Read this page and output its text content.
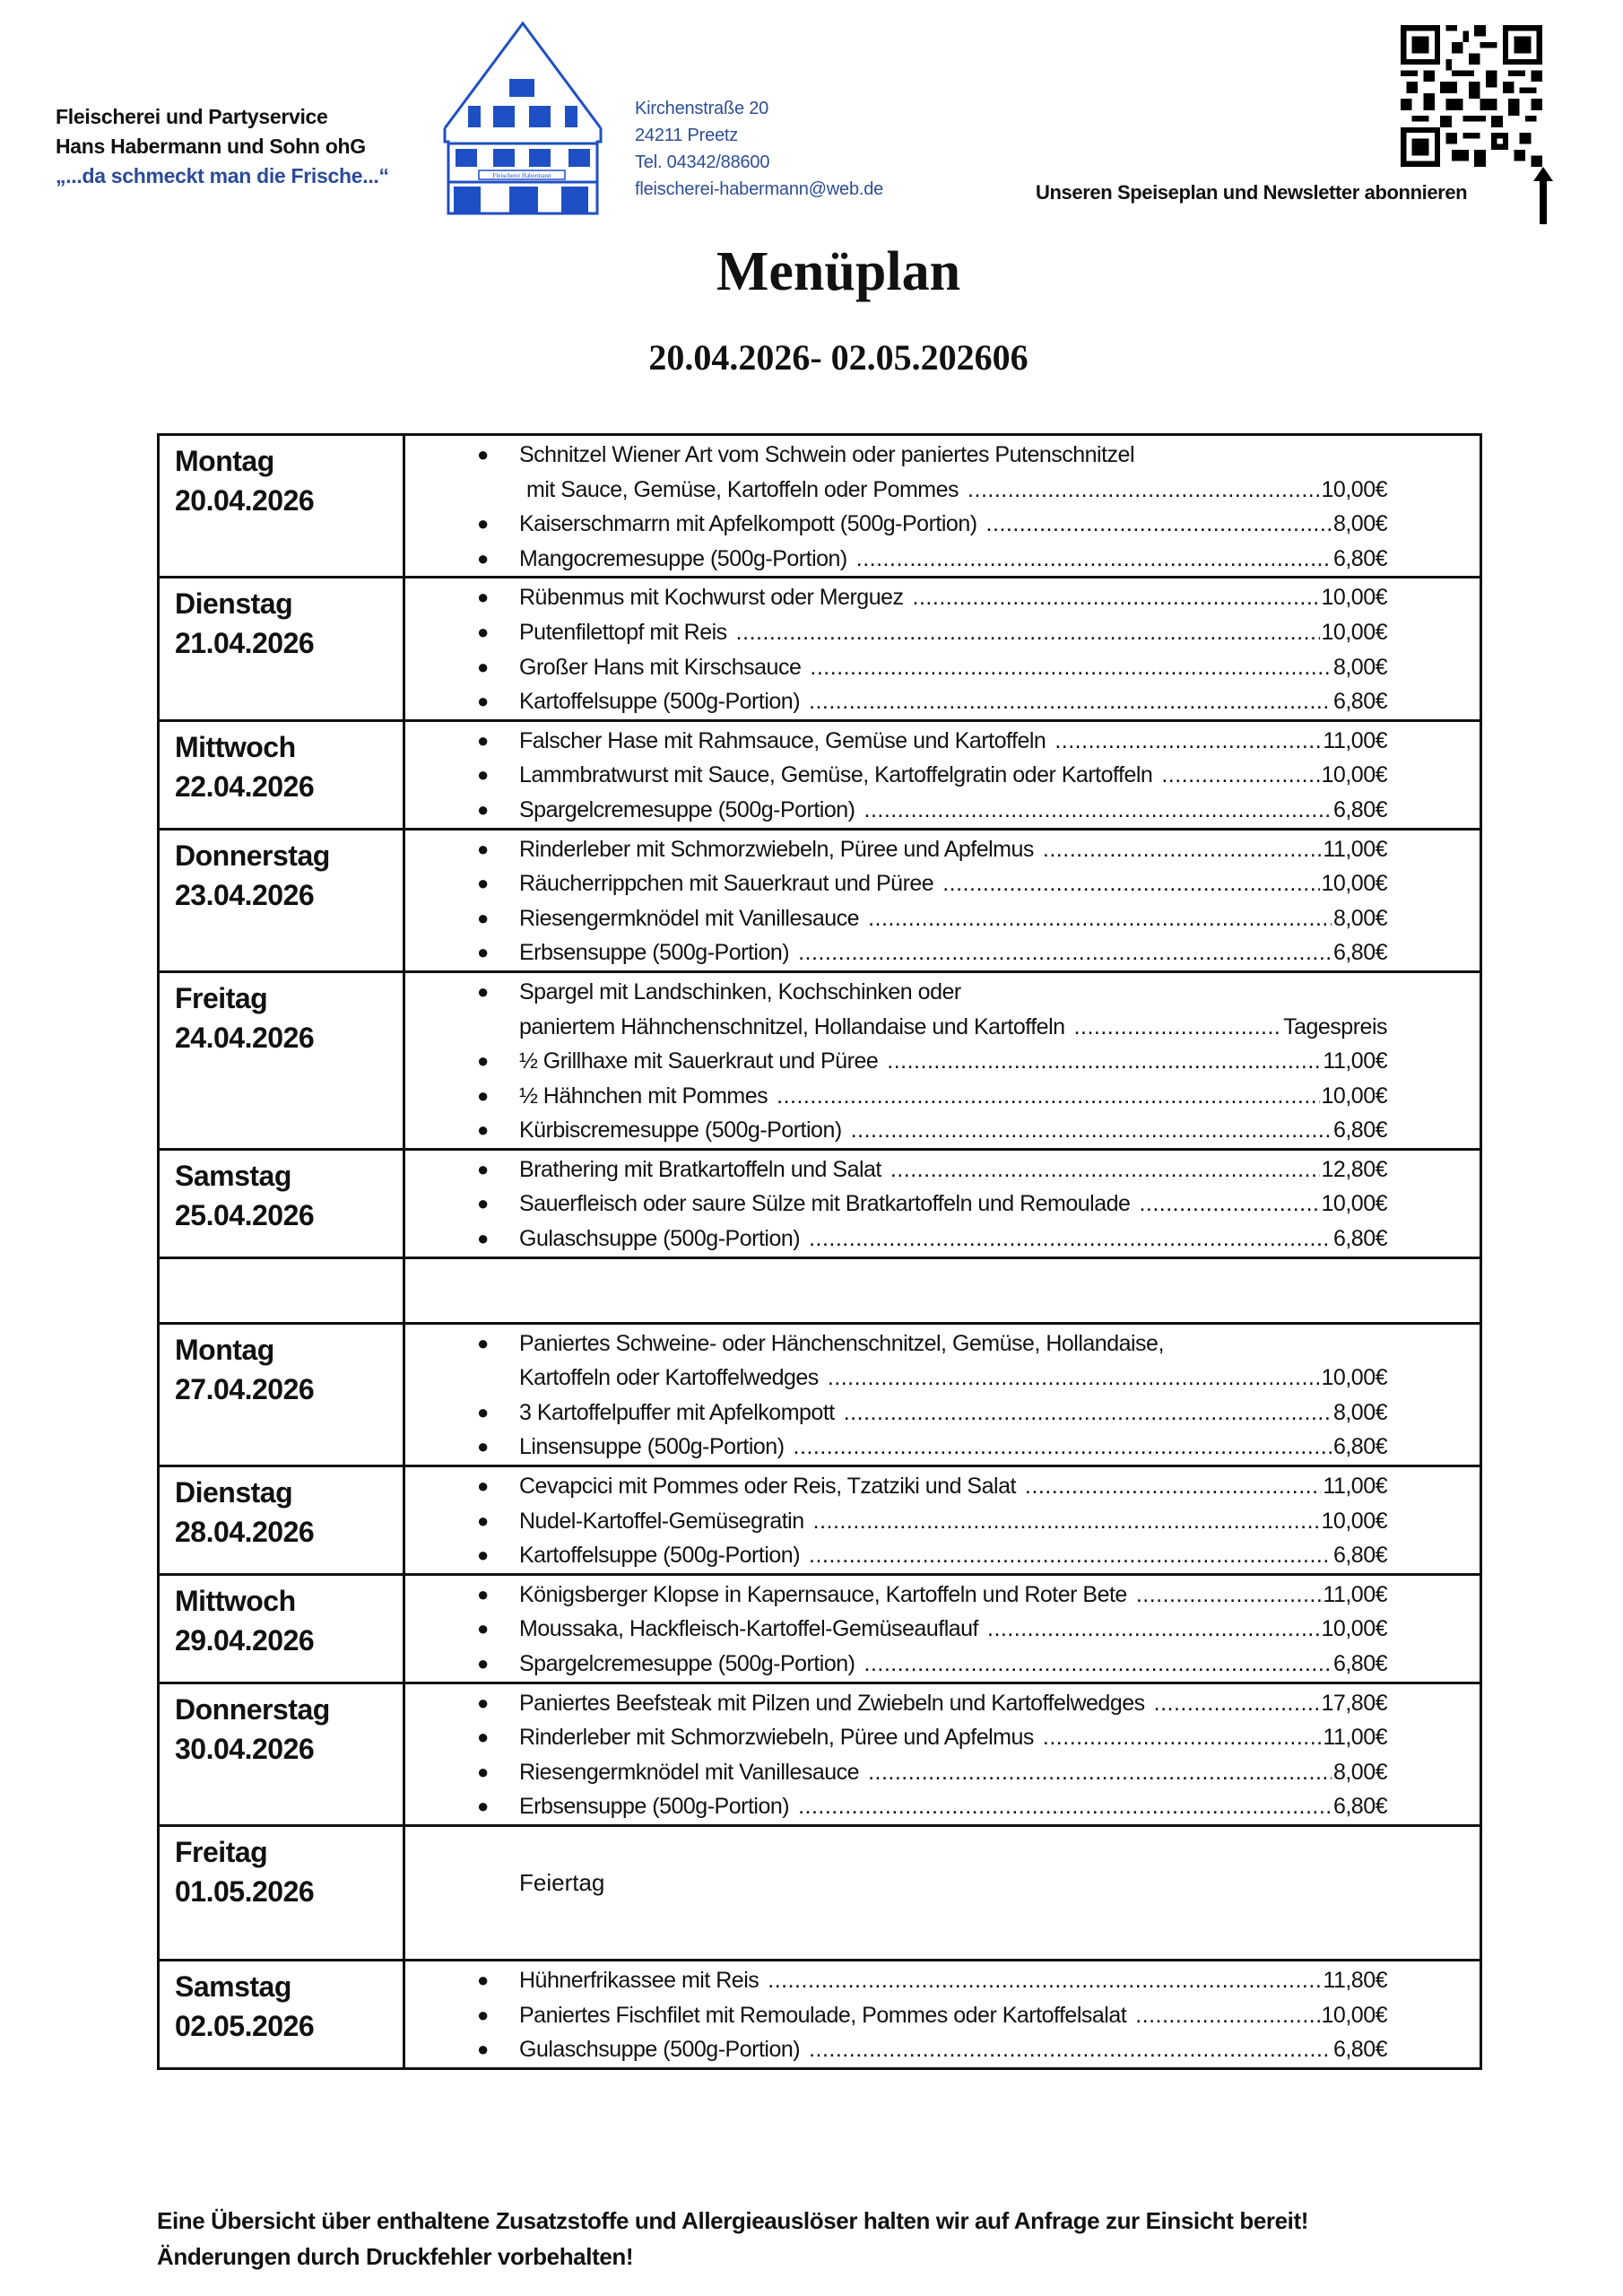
Fleischerei und Partyservice
Hans Habermann und Sohn ohG
„...da schmeckt man die Frische...“	Fleischerei Habermann
Kirchenstraße 20
24211 Preetz
Tel. 04342/88600
fleischerei-habermann@web.de	Unseren Speiseplan und Newsletter abonnieren
Menüplan
20.04.2026- 02.05.202606
Montag
20.04.2026

●	Schnitzel Wiener Art vom Schwein oder paniertes Putenschnitzel
mit Sauce, Gemüse, Kartoffeln oder Pommes .....	10,00€
● Kaiserschmarrn mit Apfelkompott (500g-Portion) .....	8,00€
● Mangocremesuppe (500g-Portion) .....	6,80€

Dienstag
21.04.2026

● Rübenmus mit Kochwurst oder Merguez .....	10,00€
● Putenfilettopf mit Reis .....	10,00€
● Großer Hans mit Kirschsauce .....	8,00€
● Kartoffelsuppe (500g-Portion) .....	6,80€

Mittwoch
22.04.2026

● Falscher Hase mit Rahmsauce, Gemüse und Kartoffeln .....	11,00€
● Lammbratwurst mit Sauce, Gemüse, Kartoffelgratin oder Kartoffeln .....	10,00€
● Spargelcremesuppe (500g-Portion) .....	6,80€

Donnerstag
23.04.2026

● Rinderleber mit Schmorzwiebeln, Püree und Apfelmus .....	11,00€
● Räucherrippchen mit Sauerkraut und Püree .....	10,00€
● Riesengermknödel mit Vanillesauce .....	8,00€
● Erbsensuppe (500g-Portion) .....	6,80€

Freitag
24.04.2026

●	Spargel mit Landschinken, Kochschinken oder
paniertem Hähnchenschnitzel, Hollandaise und Kartoffeln .....	Tagespreis
● ½ Grillhaxe mit Sauerkraut und Püree .....	11,00€
● ½ Hähnchen mit Pommes .....	10,00€
● Kürbiscremesuppe (500g-Portion) .....	6,80€

Samstag
25.04.2026

● Brathering mit Bratkartoffeln und Salat .....	12,80€
● Sauerfleisch oder saure Sülze mit Bratkartoffeln und Remoulade .....	10,00€
● Gulaschsuppe (500g-Portion) .....	6,80€

Montag
27.04.2026

●	Paniertes Schweine- oder Hänchenschnitzel, Gemüse, Hollandaise,
Kartoffeln oder Kartoffelwedges .....	10,00€
● 3 Kartoffelpuffer mit Apfelkompott .....	8,00€
● Linsensuppe (500g-Portion) .....	6,80€

Dienstag
28.04.2026

● Cevapcici mit Pommes oder Reis, Tzatziki und Salat .....	11,00€
● Nudel-Kartoffel-Gemüsegratin .....	10,00€
● Kartoffelsuppe (500g-Portion) .....	6,80€

Mittwoch
29.04.2026

● Königsberger Klopse in Kapernsauce, Kartoffeln und Roter Bete .....	11,00€
● Moussaka, Hackfleisch-Kartoffel-Gemüseauflauf .....	10,00€
● Spargelcremesuppe (500g-Portion) .....	6,80€

Donnerstag
30.04.2026

● Paniertes Beefsteak mit Pilzen und Zwiebeln und Kartoffelwedges .....	17,80€
● Rinderleber mit Schmorzwiebeln, Püree und Apfelmus .....	11,00€
● Riesengermknödel mit Vanillesauce .....	8,00€
● Erbsensuppe (500g-Portion) .....	6,80€

Freitag
01.05.2026	Feiertag

Samstag
02.05.2026

● Hühnerfrikassee mit Reis .....	11,80€
● Paniertes Fischfilet mit Remoulade, Pommes oder Kartoffelsalat .....	10,00€
● Gulaschsuppe (500g-Portion) .....	6,80€
Eine Übersicht über enthaltene Zusatzstoffe und Allergieauslöser halten wir auf Anfrage zur Einsicht bereit!
Änderungen durch Druckfehler vorbehalten!
